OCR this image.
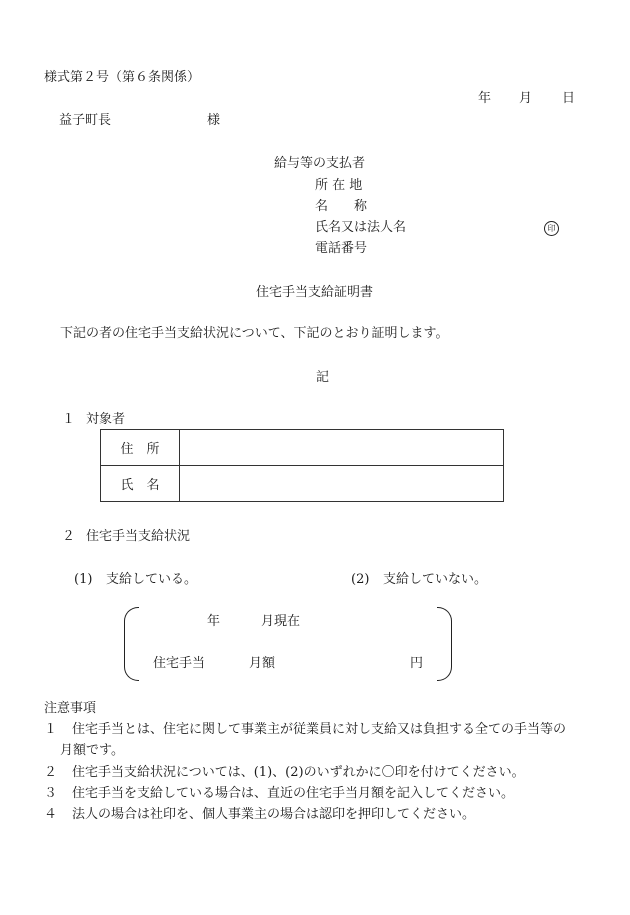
様式第２号（第６条関係）
年 月 日
益子町長	様
給与等の支払者
所 在 地
名　　称
氏名又は法人名	印
電話番号
住宅手当支給証明書
下記の者の住宅手当支給状況について、下記のとおり証明します。
記
１ 対象者
住　所	
氏　名	
２ 住宅手当支給状況
(1) 支給している。	(2) 支給していない。
年	月現在
住宅手当	月額	円
注意事項
１ 住宅手当とは、住宅に関して事業主が従業員に対し支給又は負担する全ての手当等の
月額です。
２ 住宅手当支給状況については、(1)、(2)のいずれかに〇印を付けてください。
３ 住宅手当を支給している場合は、直近の住宅手当月額を記入してください。
４ 法人の場合は社印を、個人事業主の場合は認印を押印してください。
